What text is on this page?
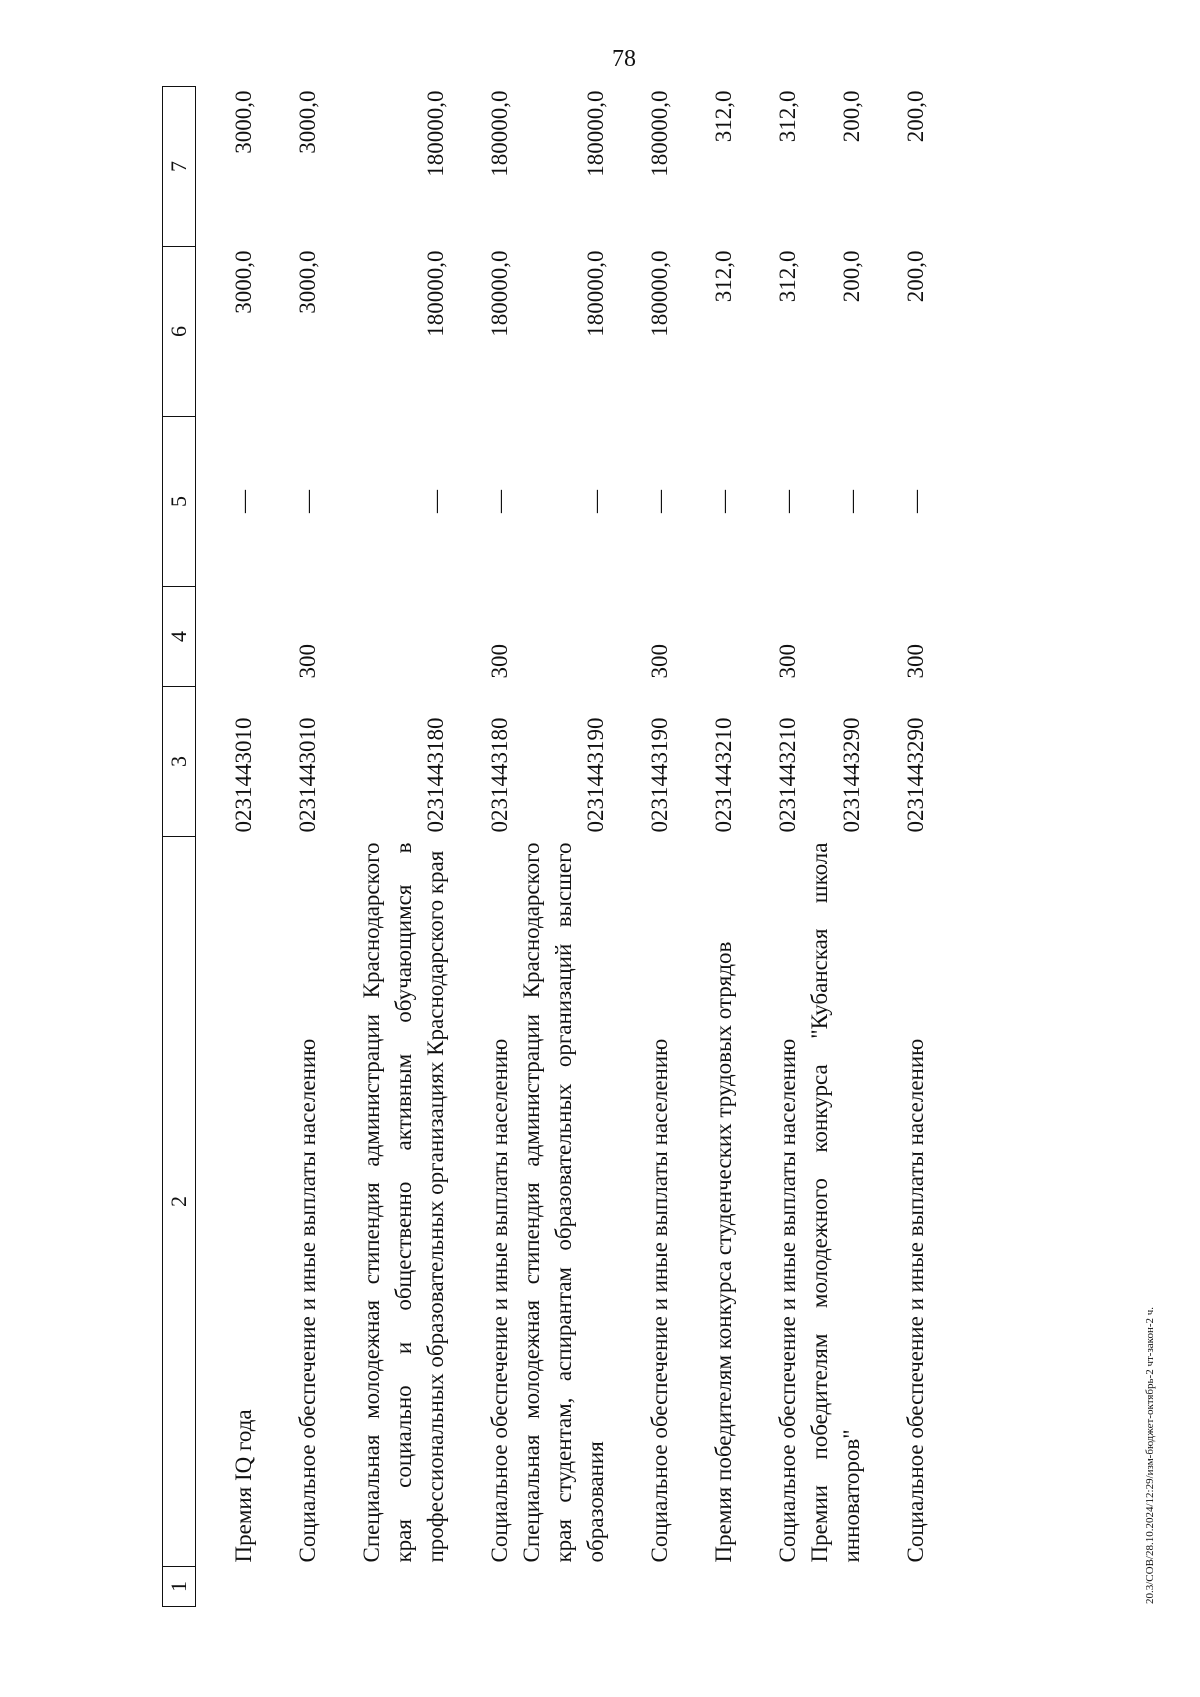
78
1	2	3	4	5	6	7
	Премия IQ года	0231443010		—	3000,0	3000,0
	Социальное обеспечение и иные выплаты населению	0231443010	300	—	3000,0	3000,0
	Специальная молодежная стипендия администрации Краснодарского края социально и общественно активным обучающимся в профессиональных образовательных организациях Краснодарского края	0231443180		—	180000,0	180000,0
	Социальное обеспечение и иные выплаты населению	0231443180	300	—	180000,0	180000,0
	Специальная молодежная стипендия администрации Краснодарского края студентам, аспирантам образовательных организаций высшего образования	0231443190		—	180000,0	180000,0
	Социальное обеспечение и иные выплаты населению	0231443190	300	—	180000,0	180000,0
	Премия победителям конкурса студенческих трудовых отрядов	0231443210		—	312,0	312,0
	Социальное обеспечение и иные выплаты населению	0231443210	300	—	312,0	312,0
	Премии победителям молодежного конкурса "Кубанская школа инноваторов"	0231443290		—	200,0	200,0
	Социальное обеспечение и иные выплаты населению	0231443290	300	—	200,0	200,0
20.3/СОВ/28.10.2024/12:29/изм-бюджет-октябрь-2 чт-закон-2 ч.
